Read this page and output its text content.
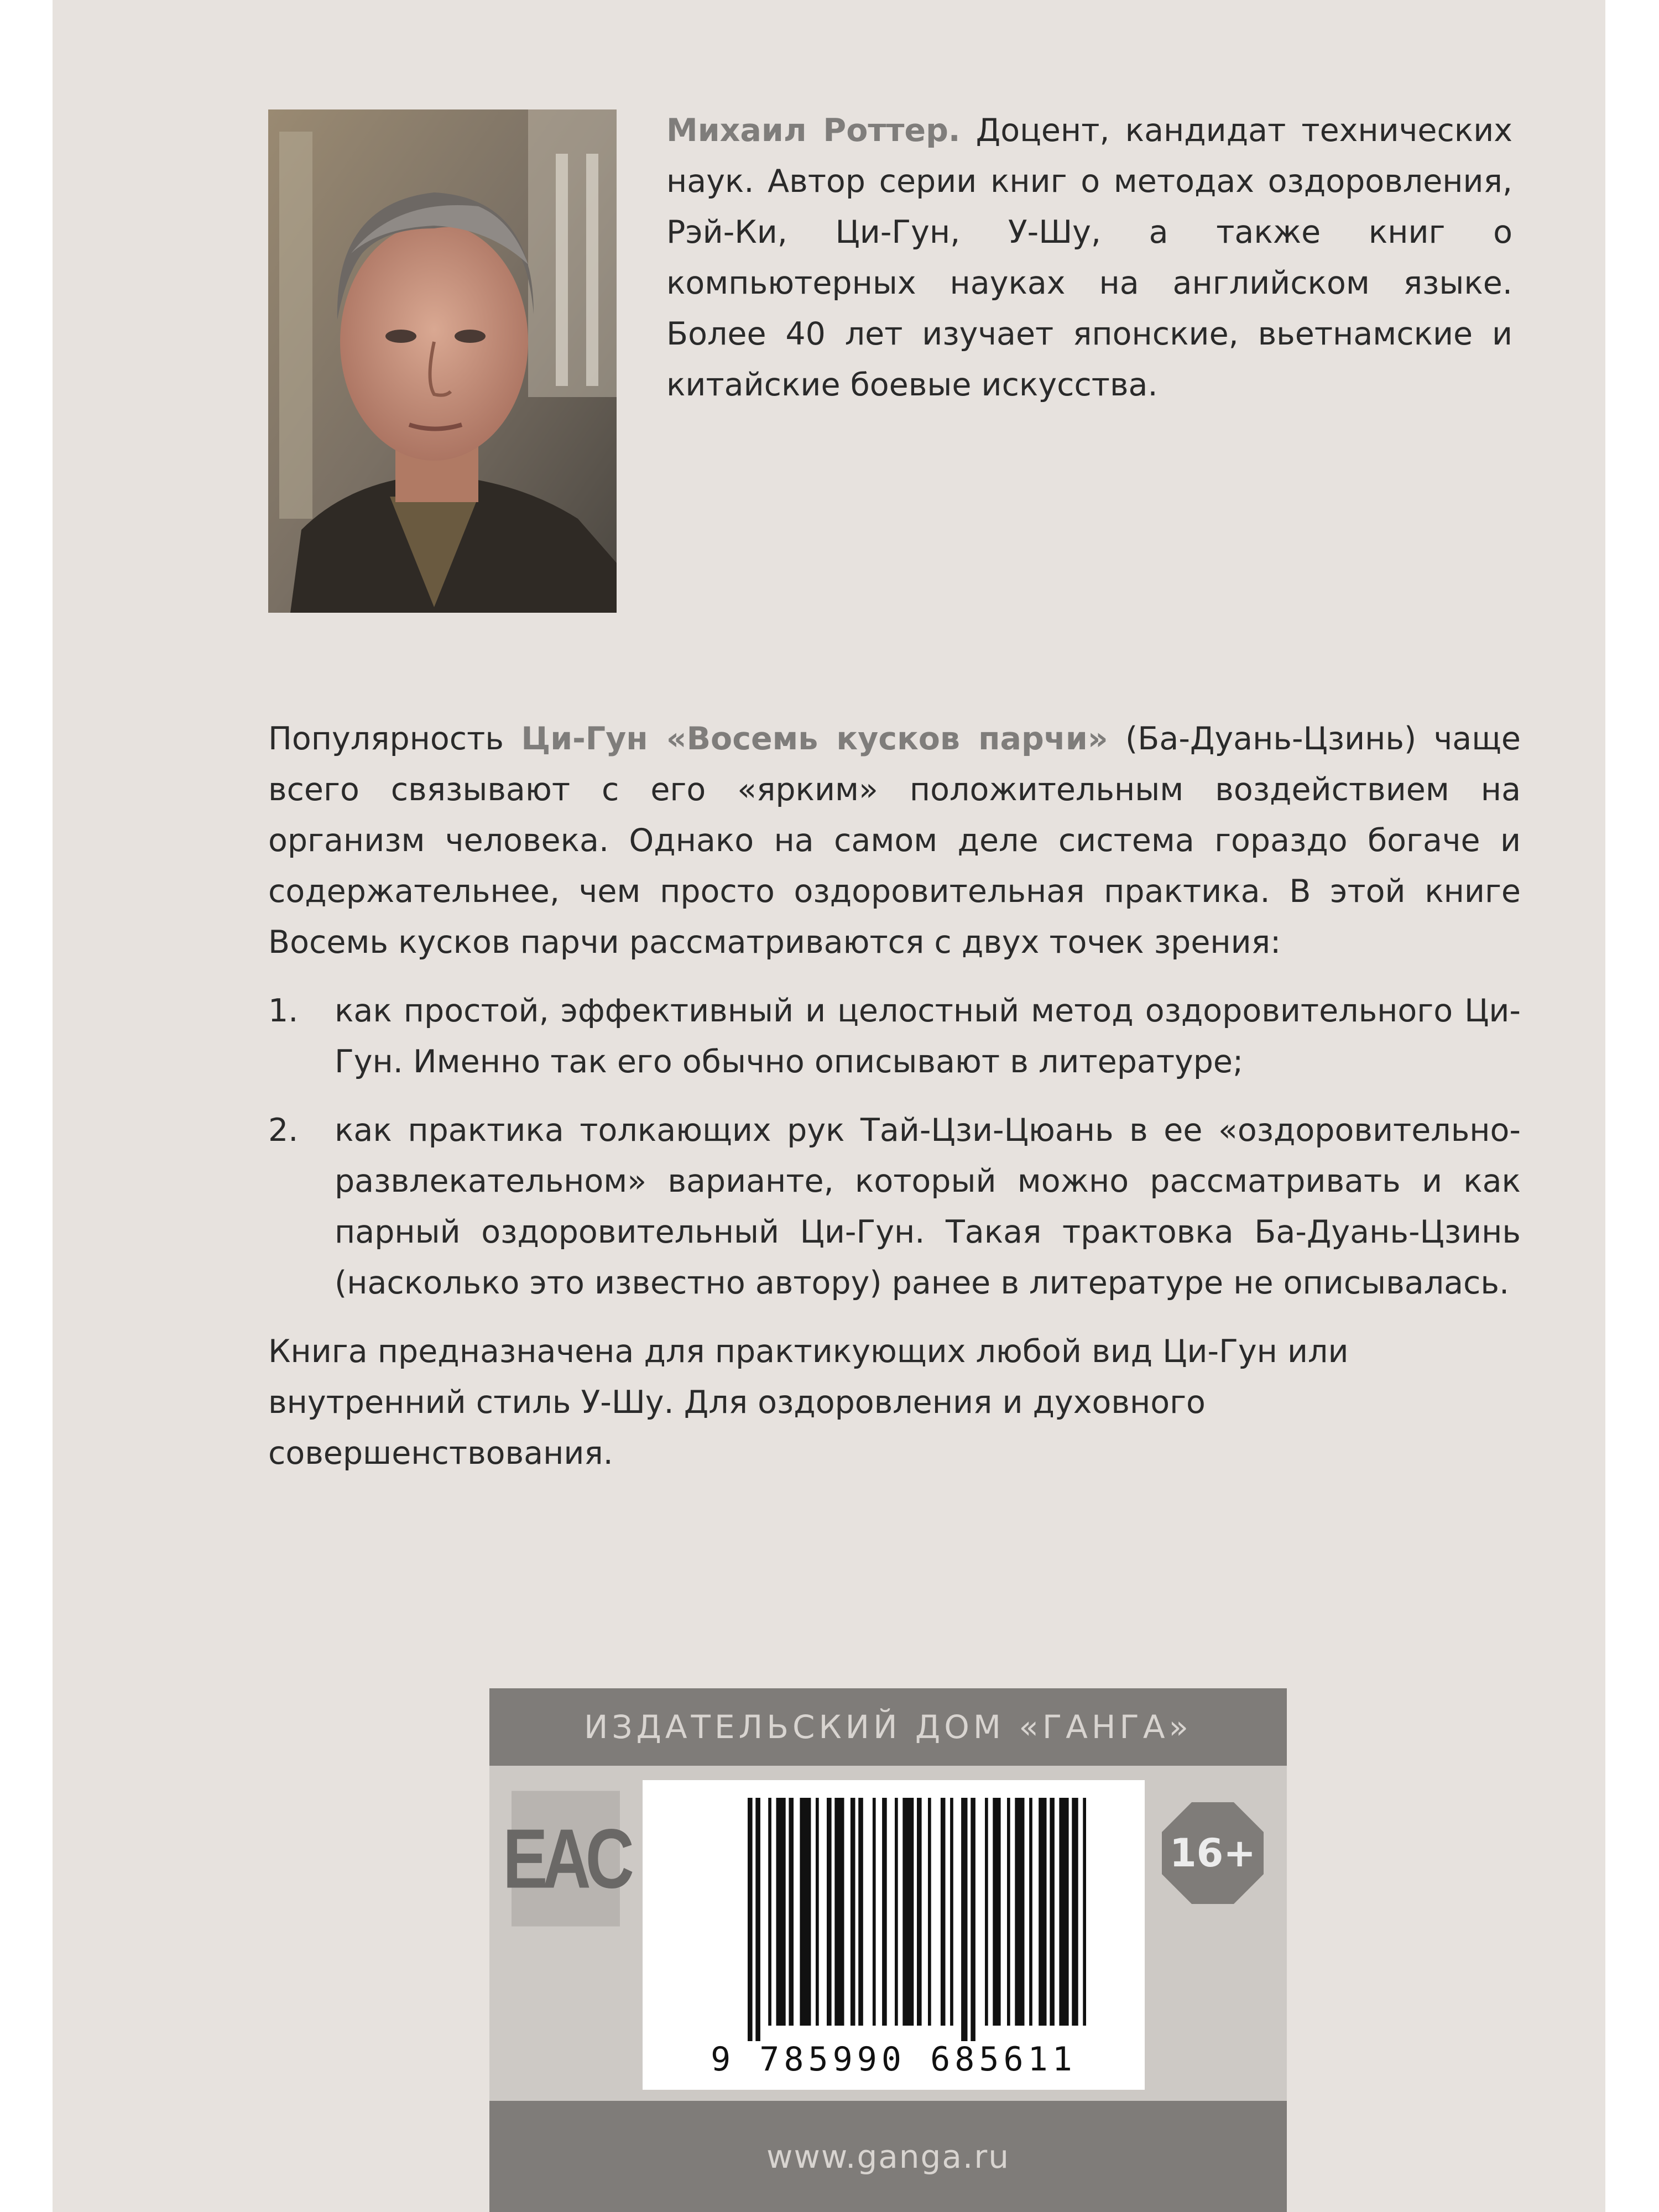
Михаил Роттер. Доцент, кандидат технических наук. Автор серии книг о методах оздоровления, Рэй-Ки, Ци-Гун, У-Шу, а также книг о компьютерных науках на английском языке. Более 40 лет изучает японские, вьетнамские и китайские боевые искусства.

Популярность Ци-Гун «Восемь кусков парчи» (Ба-Дуань-Цзинь) чаще всего связывают с его «ярким» положительным воздействием на организм человека. Однако на самом деле система гораздо богаче и содержательнее, чем просто оздоровительная практика. В этой книге Восемь кусков парчи рассматриваются с двух точек зрения:

1. как простой, эффективный и целостный метод оздоровительного Ци-Гун. Именно так его обычно описывают в литературе;
2. как практика толкающих рук Тай-Цзи-Цюань в ее «оздоровительно-развлекательном» варианте, который можно рассматривать и как парный оздоровительный Ци-Гун. Такая трактовка Ба-Дуань-Цзинь (насколько это известно автору) ранее в литературе не описывалась.

Книга предназначена для практикующих любой вид Ци-Гун или внутренний стиль У-Шу. Для оздоровления и духовного совершенствования.

ИЗДАТЕЛЬСКИЙ ДОМ «ГАНГА»
EAC
9 785990 685611
16+
www.ganga.ru
